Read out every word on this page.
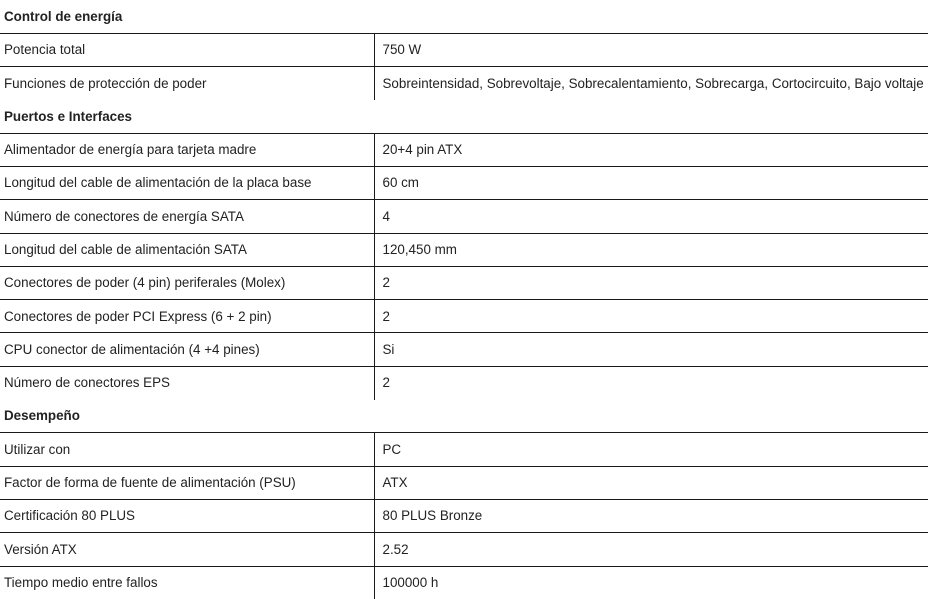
Control de energía	
Potencia total	750 W
Funciones de protección de poder	Sobreintensidad, Sobrevoltaje, Sobrecalentamiento, Sobrecarga, Cortocircuito, Bajo voltaje
Puertos e Interfaces	
Alimentador de energía para tarjeta madre	20+4 pin ATX
Longitud del cable de alimentación de la placa base	60 cm
Número de conectores de energía SATA	4
Longitud del cable de alimentación SATA	120,450 mm
Conectores de poder (4 pin) periferales (Molex)	2
Conectores de poder PCI Express (6 + 2 pin)	2
CPU conector de alimentación (4 +4 pines)	Si
Número de conectores EPS	2
Desempeño	
Utilizar con	PC
Factor de forma de fuente de alimentación (PSU)	ATX
Certificación 80 PLUS	80 PLUS Bronze
Versión ATX	2.52
Tiempo medio entre fallos	100000 h
